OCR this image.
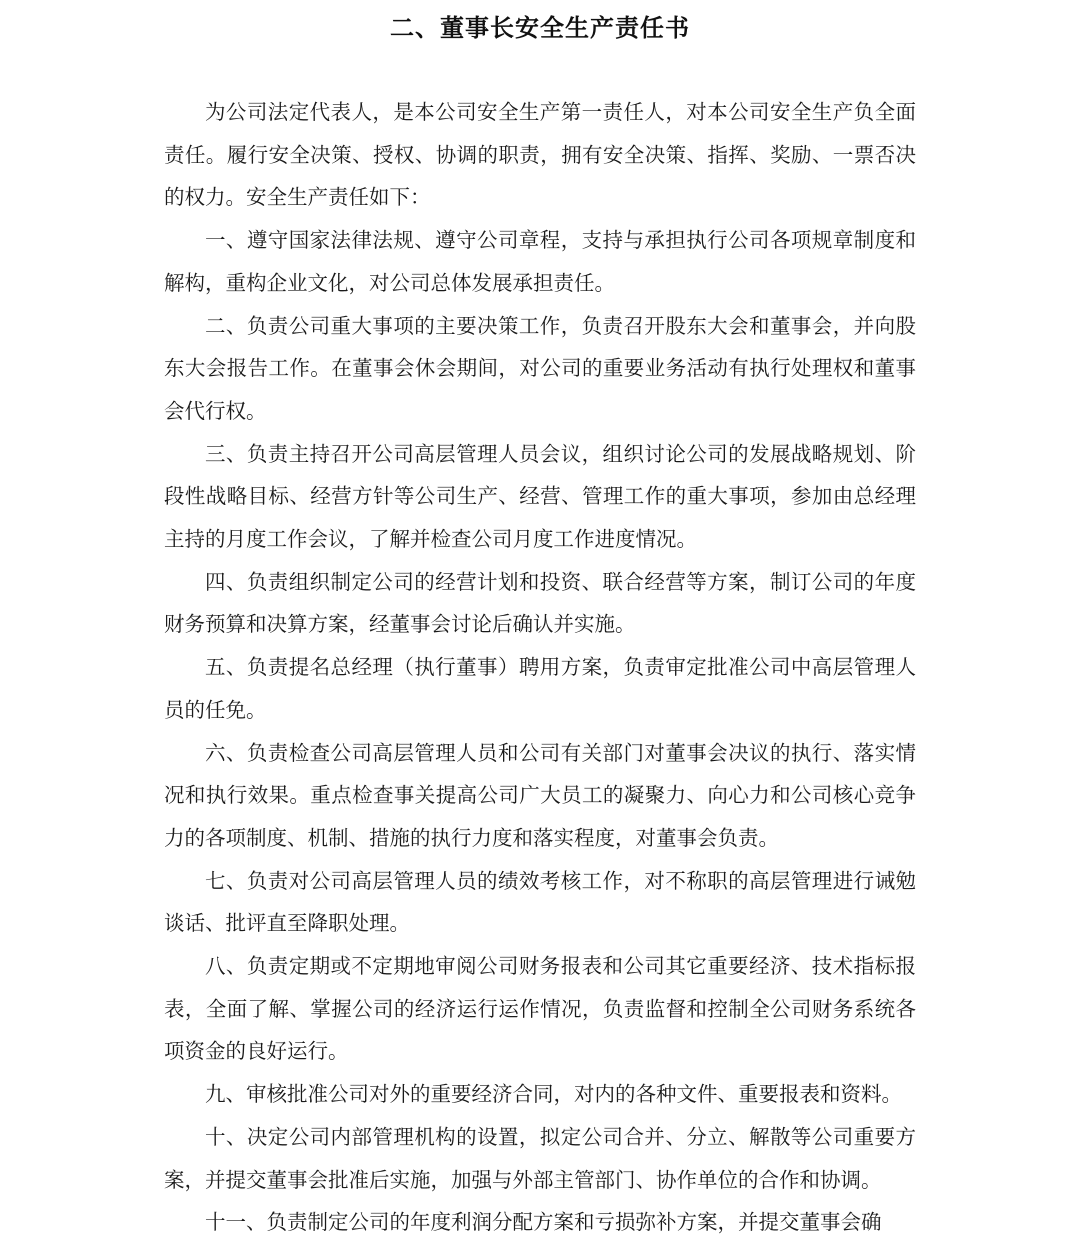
二、董事长安全生产责任书

为公司法定代表人，是本公司安全生产第一责任人，对本公司安全生产负全面责任。履行安全决策、授权、协调的职责，拥有安全决策、指挥、奖励、一票否决的权力。安全生产责任如下：

一、遵守国家法律法规、遵守公司章程，支持与承担执行公司各项规章制度和解构，重构企业文化，对公司总体发展承担责任。

二、负责公司重大事项的主要决策工作，负责召开股东大会和董事会，并向股东大会报告工作。在董事会休会期间，对公司的重要业务活动有执行处理权和董事会代行权。

三、负责主持召开公司高层管理人员会议，组织讨论公司的发展战略规划、阶段性战略目标、经营方针等公司生产、经营、管理工作的重大事项，参加由总经理主持的月度工作会议，了解并检查公司月度工作进度情况。

四、负责组织制定公司的经营计划和投资、联合经营等方案，制订公司的年度财务预算和决算方案，经董事会讨论后确认并实施。

五、负责提名总经理（执行董事）聘用方案，负责审定批准公司中高层管理人员的任免。

六、负责检查公司高层管理人员和公司有关部门对董事会决议的执行、落实情况和执行效果。重点检查事关提高公司广大员工的凝聚力、向心力和公司核心竞争力的各项制度、机制、措施的执行力度和落实程度，对董事会负责。

七、负责对公司高层管理人员的绩效考核工作，对不称职的高层管理进行诫勉谈话、批评直至降职处理。

八、负责定期或不定期地审阅公司财务报表和公司其它重要经济、技术指标报表，全面了解、掌握公司的经济运行运作情况，负责监督和控制全公司财务系统各项资金的良好运行。

九、审核批准公司对外的重要经济合同，对内的各种文件、重要报表和资料。

十、决定公司内部管理机构的设置，拟定公司合并、分立、解散等公司重要方案，并提交董事会批准后实施，加强与外部主管部门、协作单位的合作和协调。

十一、负责制定公司的年度利润分配方案和亏损弥补方案，并提交董事会确
